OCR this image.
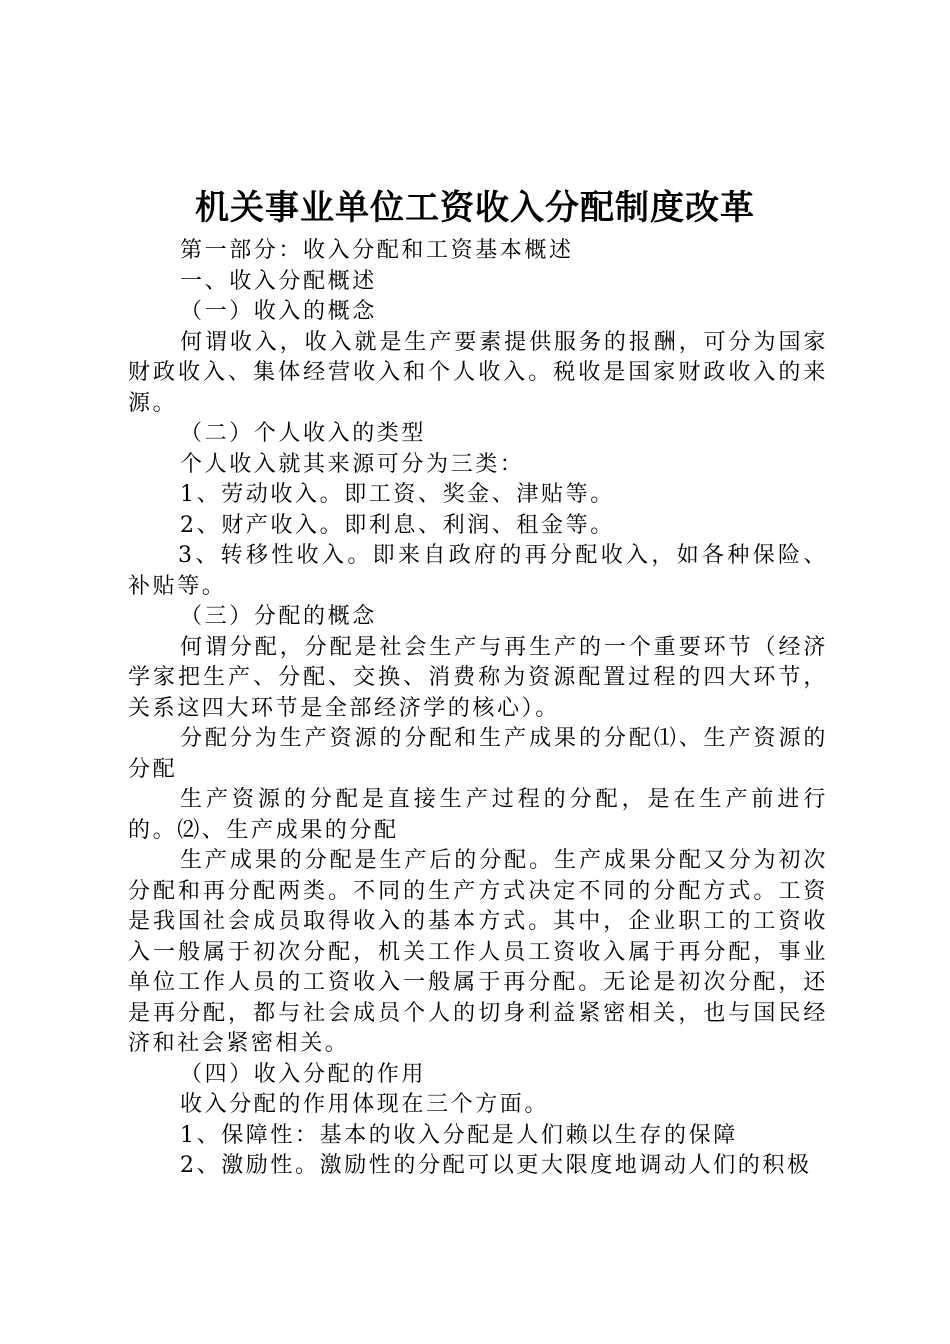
机关事业单位工资收入分配制度改革

第一部分：收入分配和工资基本概述

一、收入分配概述

（一）收入的概念

何谓收入，收入就是生产要素提供服务的报酬，可分为国家财政收入、集体经营收入和个人收入。税收是国家财政收入的来源。

（二）个人收入的类型

个人收入就其来源可分为三类：

1、劳动收入。即工资、奖金、津贴等。

2、财产收入。即利息、利润、租金等。

3、转移性收入。即来自政府的再分配收入，如各种保险、补贴等。

（三）分配的概念

何谓分配，分配是社会生产与再生产的一个重要环节（经济学家把生产、分配、交换、消费称为资源配置过程的四大环节，关系这四大环节是全部经济学的核心）。

分配分为生产资源的分配和生产成果的分配⑴、生产资源的分配

生产资源的分配是直接生产过程的分配，是在生产前进行的。⑵、生产成果的分配

生产成果的分配是生产后的分配。生产成果分配又分为初次分配和再分配两类。不同的生产方式决定不同的分配方式。工资是我国社会成员取得收入的基本方式。其中，企业职工的工资收入一般属于初次分配，机关工作人员工资收入属于再分配，事业单位工作人员的工资收入一般属于再分配。无论是初次分配，还是再分配，都与社会成员个人的切身利益紧密相关，也与国民经济和社会紧密相关。

（四）收入分配的作用

收入分配的作用体现在三个方面。

1、保障性：基本的收入分配是人们赖以生存的保障

2、激励性。激励性的分配可以更大限度地调动人们的积极
